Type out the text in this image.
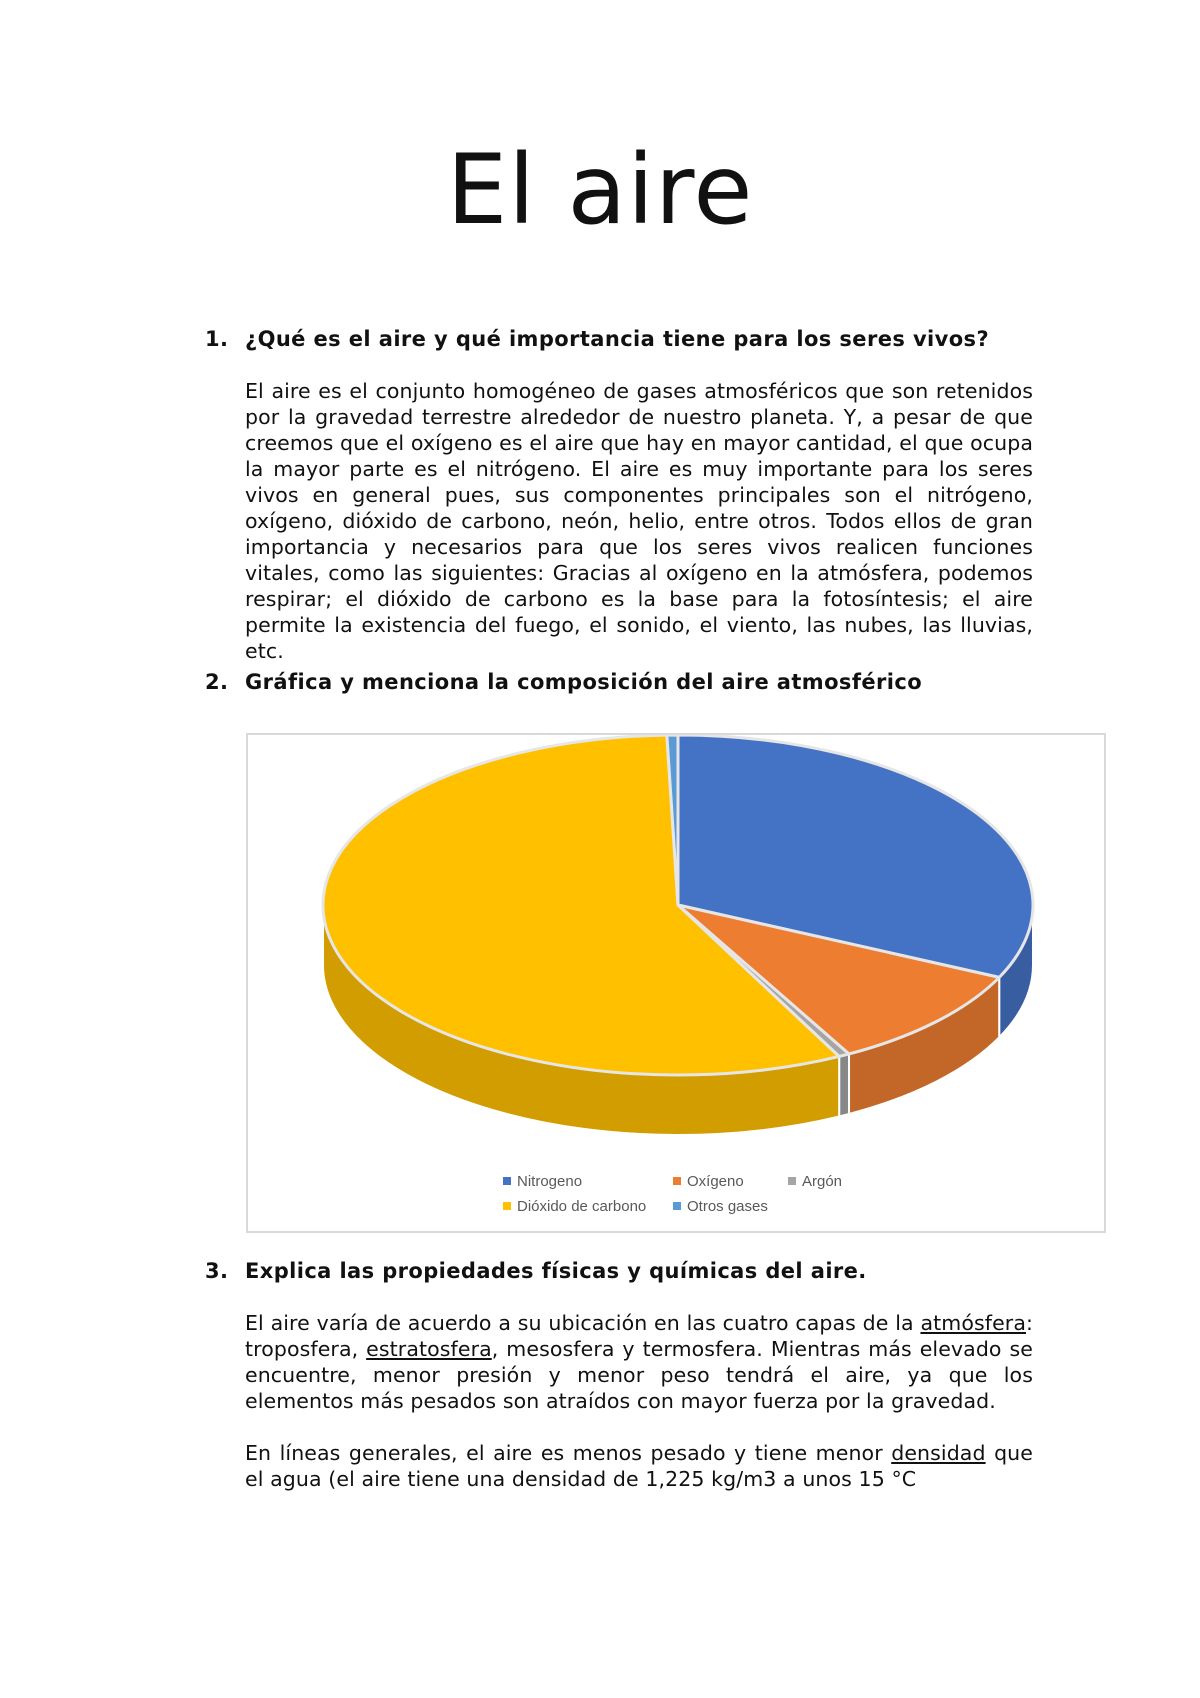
El aire
1. ¿Qué es el aire y qué importancia tiene para los seres vivos?

El aire es el conjunto homogéneo de gases atmosféricos que son retenidos por la gravedad terrestre alrededor de nuestro planeta. Y, a pesar de que creemos que el oxígeno es el aire que hay en mayor cantidad, el que ocupa la mayor parte es el nitrógeno. El aire es muy importante para los seres vivos en general pues, sus componentes principales son el nitrógeno, oxígeno, dióxido de carbono, neón, helio, entre otros. Todos ellos de gran importancia y necesarios para que los seres vivos realicen funciones vitales, como las siguientes: Gracias al oxígeno en la atmósfera, podemos respirar; el dióxido de carbono es la base para la fotosíntesis; el aire permite la existencia del fuego, el sonido, el viento, las nubes, las lluvias, etc.

2. Gráfica y menciona la composición del aire atmosférico
Nitrogeno	Oxígeno	Argón
Dióxido de carbono	Otros gases
3. Explica las propiedades físicas y químicas del aire.

El aire varía de acuerdo a su ubicación en las cuatro capas de la atmósfera: troposfera, estratosfera, mesosfera y termosfera. Mientras más elevado se encuentre, menor presión y menor peso tendrá el aire, ya que los elementos más pesados son atraídos con mayor fuerza por la gravedad.

En líneas generales, el aire es menos pesado y tiene menor densidad que el agua (el aire tiene una densidad de 1,225 kg/m3 a unos 15 °C
